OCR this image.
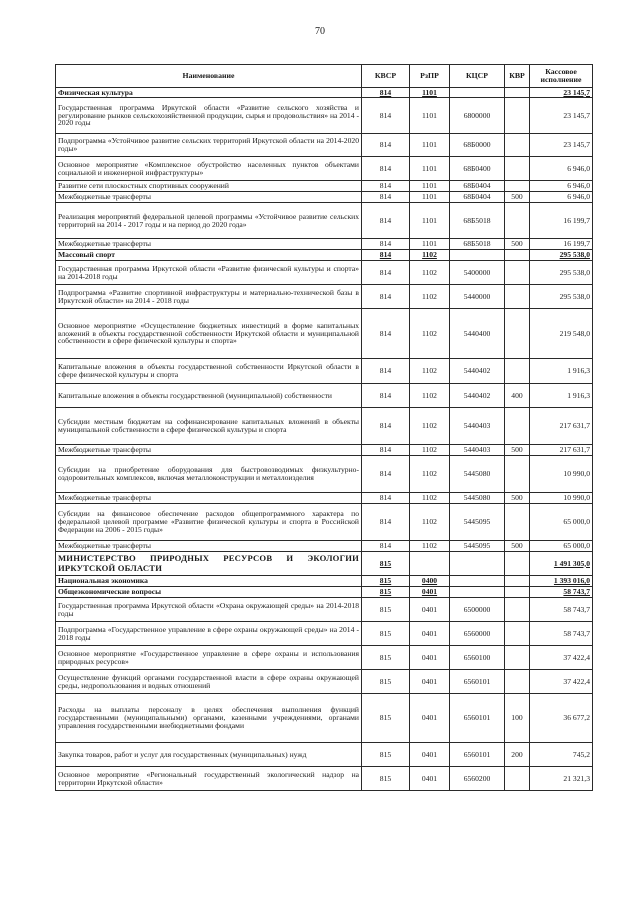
70
Наименование	КВСР	РзПР	КЦСР	КВР	Кассовое исполнение
Физическая культура	814	1101			23 145,7
Государственная программа Иркутской области «Развитие сельского хозяйства и регулирование рынков сельскохозяйственной продукции, сырья и продовольствия» на 2014 - 2020 годы	814	1101	6800000		23 145,7
Подпрограмма «Устойчивое развитие сельских территорий Иркутской области на 2014-2020 годы»	814	1101	68Б0000		23 145,7
Основное мероприятие «Комплексное обустройство населенных пунктов объектами социальной и инженерной инфраструктуры»	814	1101	68Б0400		6 946,0
Развитие сети плоскостных спортивных сооружений	814	1101	68Б0404		6 946,0
Межбюджетные трансферты	814	1101	68Б0404	500	6 946,0
Реализация мероприятий федеральной целевой программы «Устойчивое развитие сельских территорий на 2014 - 2017 годы и на период до 2020 года»	814	1101	68Б5018		16 199,7
Межбюджетные трансферты	814	1101	68Б5018	500	16 199,7
Массовый спорт	814	1102			295 538,0
Государственная программа Иркутской области «Развитие физической культуры и спорта» на 2014-2018 годы	814	1102	5400000		295 538,0
Подпрограмма «Развитие спортивной инфраструктуры и материально-технической базы в Иркутской области» на 2014 - 2018 годы	814	1102	5440000		295 538,0
Основное мероприятие «Осуществление бюджетных инвестиций в форме капитальных вложений в объекты государственной собственности Иркутской области и муниципальной собственности в сфере физической культуры и спорта»	814	1102	5440400		219 548,0
Капитальные вложения в объекты государственной собственности Иркутской области в сфере физической культуры и спорта	814	1102	5440402		1 916,3
Капитальные вложения в объекты государственной (муниципальной) собственности	814	1102	5440402	400	1 916,3
Субсидии местным бюджетам на софинансирование капитальных вложений в объекты муниципальной собственности в сфере физической культуры и спорта	814	1102	5440403		217 631,7
Межбюджетные трансферты	814	1102	5440403	500	217 631,7
Субсидии на приобретение оборудования для быстровозводимых физкультурно-оздоровительных комплексов, включая металлоконструкции и металлоизделия	814	1102	5445080		10 990,0
Межбюджетные трансферты	814	1102	5445080	500	10 990,0
Субсидии на финансовое обеспечение расходов общепрограммного характера по федеральной целевой программе «Развитие физической культуры и спорта в Российской Федерации на 2006 - 2015 годы»	814	1102	5445095		65 000,0
Межбюджетные трансферты	814	1102	5445095	500	65 000,0
МИНИСТЕРСТВО ПРИРОДНЫХ РЕСУРСОВ И ЭКОЛОГИИ ИРКУТСКОЙ ОБЛАСТИ	815				1 491 305,0
Национальная экономика	815	0400			1 393 016,0
Общеэкономические вопросы	815	0401			58 743,7
Государственная программа Иркутской области «Охрана окружающей среды» на 2014-2018 годы	815	0401	6500000		58 743,7
Подпрограмма «Государственное управление в сфере охраны окружающей среды» на 2014 - 2018 годы	815	0401	6560000		58 743,7
Основное мероприятие «Государственное управление в сфере охраны и использования природных ресурсов»	815	0401	6560100		37 422,4
Осуществление функций органами государственной власти в сфере охраны окружающей среды, недропользования и водных отношений	815	0401	6560101		37 422,4
Расходы на выплаты персоналу в целях обеспечения выполнения функций государственными (муниципальными) органами, казенными учреждениями, органами управления государственными внебюджетными фондами	815	0401	6560101	100	36 677,2
Закупка товаров, работ и услуг для государственных (муниципальных) нужд	815	0401	6560101	200	745,2
Основное мероприятие «Региональный государственный экологический надзор на территории Иркутской области»	815	0401	6560200		21 321,3
